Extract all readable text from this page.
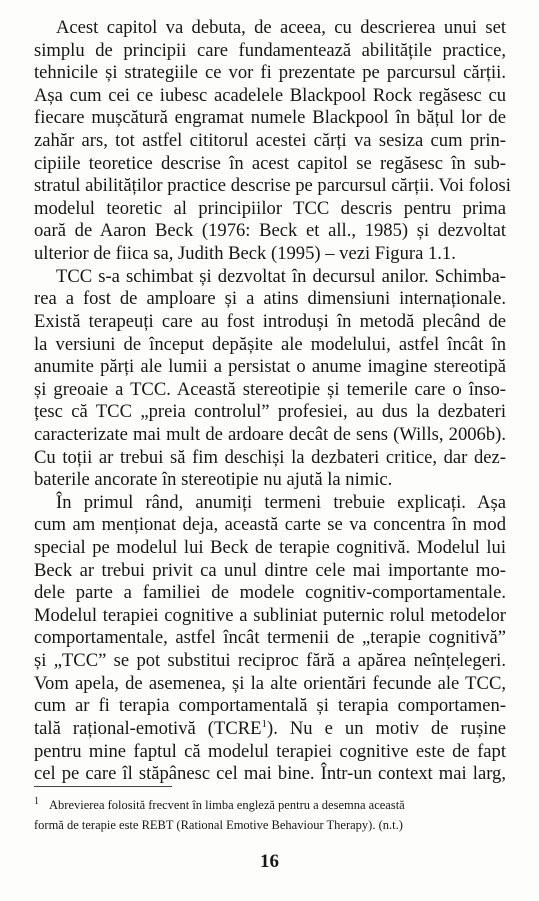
Acest capitol va debuta, de aceea, cu descrierea unui set
simplu de principii care fundamentează abilitățile practice,
tehnicile și strategiile ce vor fi prezentate pe parcursul cărții.
Așa cum cei ce iubesc acadelele Blackpool Rock regăsesc cu
fiecare mușcătură engramat numele Blackpool în bățul lor de
zahăr ars, tot astfel cititorul acestei cărți va sesiza cum prin-
cipiile teoretice descrise în acest capitol se regăsesc în sub-
stratul abilităților practice descrise pe parcursul cărții. Voi folosi
modelul teoretic al principiilor TCC descris pentru prima
oară de Aaron Beck (1976: Beck et all., 1985) și dezvoltat
ulterior de fiica sa, Judith Beck (1995) – vezi Figura 1.1.
TCC s-a schimbat și dezvoltat în decursul anilor. Schimba-
rea a fost de amploare și a atins dimensiuni internaționale.
Există terapeuți care au fost introduși în metodă plecând de
la versiuni de început depășite ale modelului, astfel încât în
anumite părți ale lumii a persistat o anume imagine stereotipă
și greoaie a TCC. Această stereotipie și temerile care o înso-
țesc că TCC „preia controlul” profesiei, au dus la dezbateri
caracterizate mai mult de ardoare decât de sens (Wills, 2006b).
Cu toții ar trebui să fim deschiși la dezbateri critice, dar dez-
baterile ancorate în stereotipie nu ajută la nimic.
În primul rând, anumiți termeni trebuie explicați. Așa
cum am menționat deja, această carte se va concentra în mod
special pe modelul lui Beck de terapie cognitivă. Modelul lui
Beck ar trebui privit ca unul dintre cele mai importante mo-
dele parte a familiei de modele cognitiv-comportamentale.
Modelul terapiei cognitive a subliniat puternic rolul metodelor
comportamentale, astfel încât termenii de „terapie cognitivă”
și „TCC” se pot substitui reciproc fără a apărea neînțelegeri.
Vom apela, de asemenea, și la alte orientări fecunde ale TCC,
cum ar fi terapia comportamentală și terapia comportamen-
tală rațional-emotivă (TCRE$^1$). Nu e un motiv de rușine
pentru mine faptul că modelul terapiei cognitive este de fapt
cel pe care îl stăpânesc cel mai bine. Într-un context mai larg,
$^1$ Abrevierea folosită frecvent în limba engleză pentru a desemna această
formă de terapie este REBT (Rational Emotive Behaviour Therapy). (n.t.)
16
